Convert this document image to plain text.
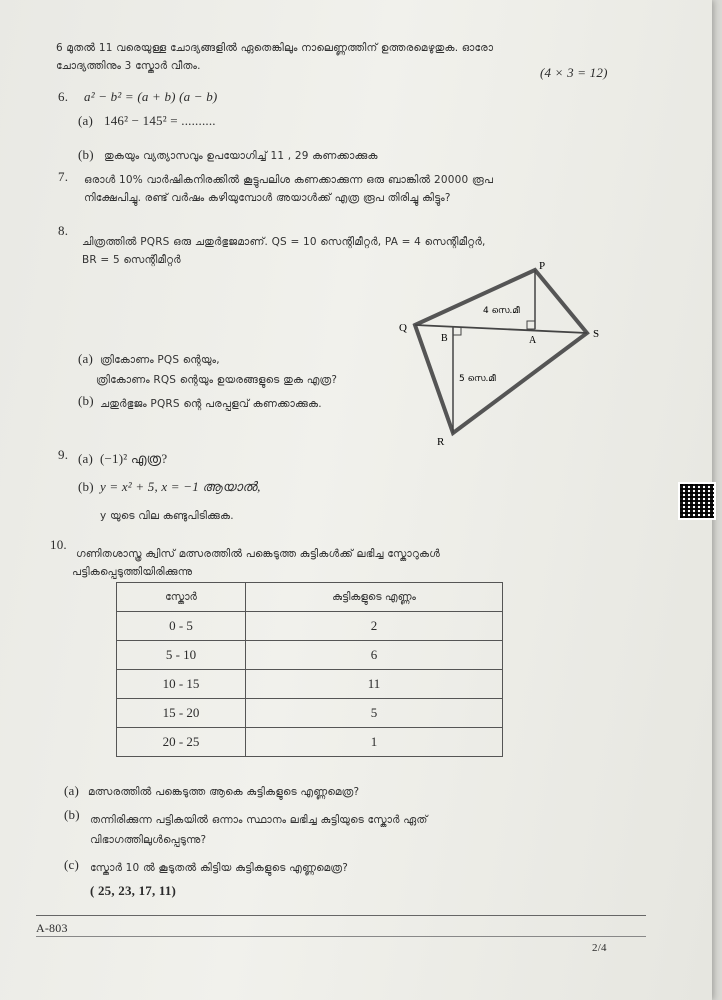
6 മുതൽ 11 വരെയുള്ള ചോദ്യങ്ങളിൽ ഏതെങ്കിലും നാലെണ്ണത്തിന് ഉത്തരമെഴുതുക. ഓരോ
ചോദ്യത്തിനും 3 സ്കോർ വീതം.	(4 × 3 = 12)
6. a² − b² = (a + b) (a − b)
(a) 146² − 145² = ..........
(b) തുകയും വ്യത്യാസവും ഉപയോഗിച്ച് 11 , 29 കണക്കാക്കുക
7. ഒരാൾ 10% വാർഷികനിരക്കിൽ കൂട്ടുപലിശ കണക്കാക്കുന്ന ഒരു ബാങ്കിൽ 20000 രൂപ
നിക്ഷേപിച്ചു. രണ്ട് വർഷം കഴിയുമ്പോൾ അയാൾക്ക് എത്ര രൂപ തിരിച്ചു കിട്ടും?
8.
ചിത്രത്തിൽ PQRS ഒരു ചതുർഭുജമാണ്. QS = 10 സെന്റിമീറ്റർ, PA = 4 സെന്റിമീറ്റർ,
BR = 5 സെന്റിമീറ്റർ
Q
P
S
R
A
B
4 സെ.മീ
5 സെ.മീ
(a) ത്രികോണം PQS ന്റെയും,
ത്രികോണം RQS ന്റെയും ഉയരങ്ങളുടെ തുക എത്ര?
(b) ചതുർഭുജം PQRS ന്റെ പരപ്പളവ് കണക്കാക്കുക.
9. (a) (−1)² എത്ര?
(b) y = x² + 5, x = −1 ആയാൽ,
y യുടെ വില കണ്ടുപിടിക്കുക.
10.
ഗണിതശാസ്ത്ര ക്വിസ് മത്സരത്തിൽ പങ്കെടുത്ത കുട്ടികൾക്ക് ലഭിച്ച സ്കോറുകൾ
പട്ടികപ്പെടുത്തിയിരിക്കുന്നു
സ്കോർ	കുട്ടികളുടെ എണ്ണം
0 - 5	2
5 - 10	6
10 - 15	11
15 - 20	5
20 - 25	1
(a) മത്സരത്തിൽ പങ്കെടുത്ത ആകെ കുട്ടികളുടെ എണ്ണമെത്ര?
(b) തന്നിരിക്കുന്ന പട്ടികയിൽ ഒന്നാം സ്ഥാനം ലഭിച്ച കുട്ടിയുടെ സ്കോർ ഏത്
വിഭാഗത്തിലുൾപ്പെടുന്നു?
(c) സ്കോർ 10 ൽ കൂടുതൽ കിട്ടിയ കുട്ടികളുടെ എണ്ണമെത്ര?
( 25, 23, 17, 11)
A-803
2/4
